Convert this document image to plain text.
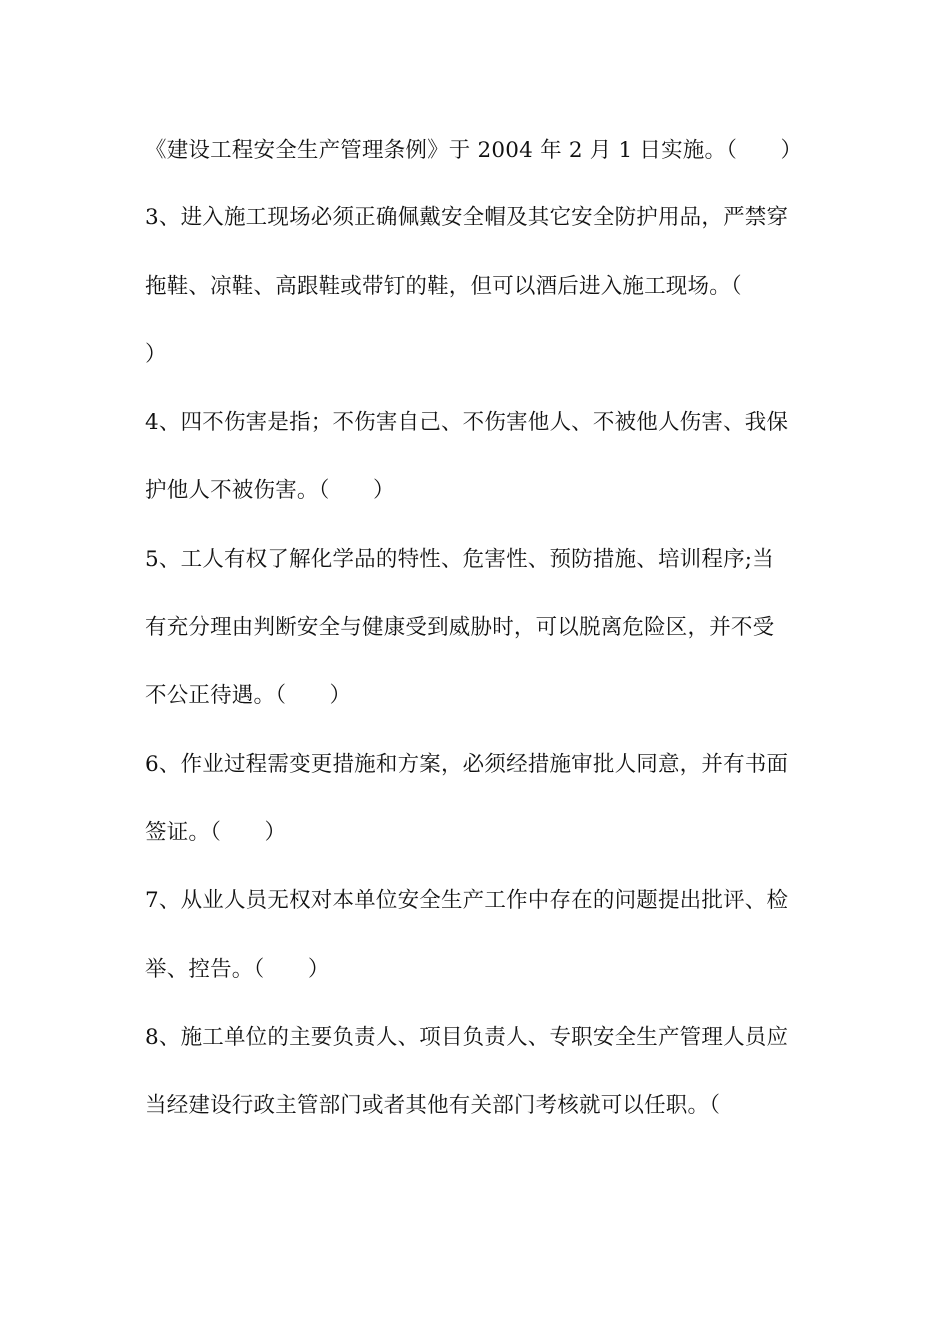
《建设工程安全生产管理条例》于 2004 年 2 月 1 日实施。（　　）
3、进入施工现场必须正确佩戴安全帽及其它安全防护用品，严禁穿
拖鞋、凉鞋、高跟鞋或带钉的鞋，但可以酒后进入施工现场。（
）
4、四不伤害是指；不伤害自己、不伤害他人、不被他人伤害、我保
护他人不被伤害。（　　）
5、工人有权了解化学品的特性、危害性、预防措施、培训程序;当
有充分理由判断安全与健康受到威胁时，可以脱离危险区，并不受
不公正待遇。（　　）
6、作业过程需变更措施和方案，必须经措施审批人同意，并有书面
签证。（　　）
7、从业人员无权对本单位安全生产工作中存在的问题提出批评、检
举、控告。（　　）
8、施工单位的主要负责人、项目负责人、专职安全生产管理人员应
当经建设行政主管部门或者其他有关部门考核就可以任职。（
